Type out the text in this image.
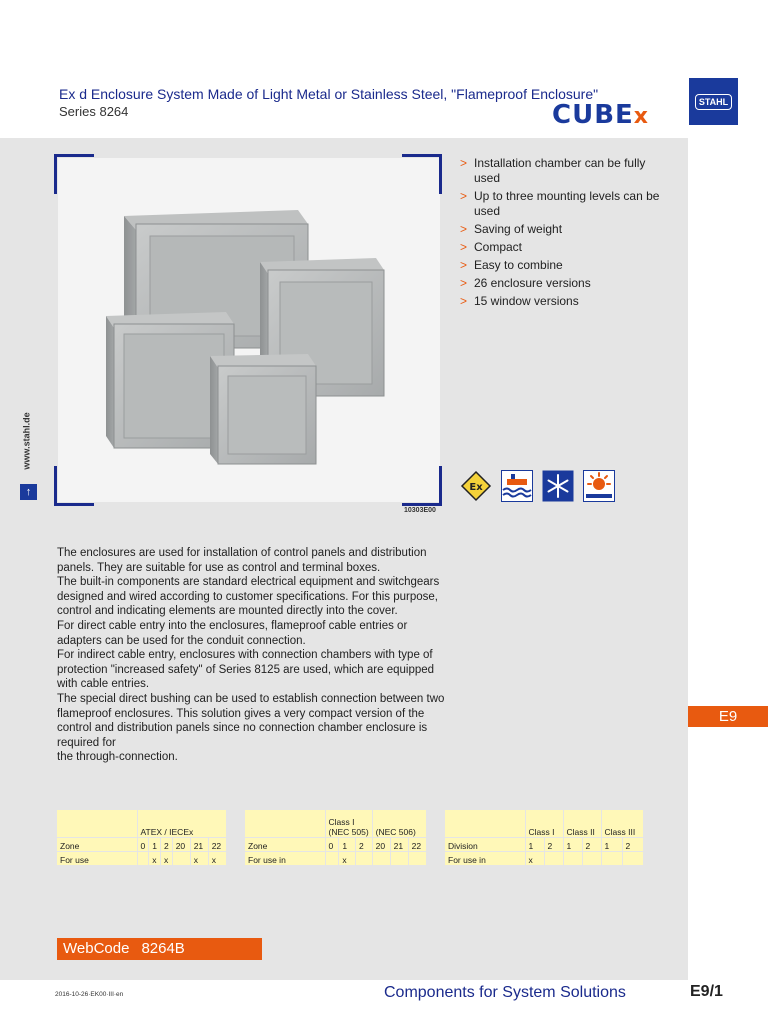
Ex d Enclosure System Made of Light Metal or Stainless Steel, "Flameproof Enclosure"
Series 8264	CUBEx
STAHL
www.stahl.de
↑
10303E00
> Installation chamber can be fully used
> Up to three mounting levels can be used
> Saving of weight
> Compact
> Easy to combine
> 26 enclosure versions
> 15 window versions
Ex

The enclosures are used for installation of control panels and distribution panels. They are suitable for use as control and terminal boxes.

The built-in components are standard electrical equipment and switchgears designed and wired according to customer specifications. For this purpose, control and indicating elements are mounted directly into the cover.

For direct cable entry into the enclosures, flameproof cable entries or adapters can be used for the conduit connection.

For indirect cable entry, enclosures with connection chambers with type of protection "increased safety" of Series 8125 are used, which are equipped with cable entries.

The special direct bushing can be used to establish connection between two flameproof enclosures. This solution gives a very compact version of the control and distribution panels since no connection chamber enclosure is required for

the through-connection.

	ATEX / IECEx					
Zone	0	1	2	20	21	22
For use		x	x		x	x
	Class I
(NEC 505)			(NEC 506)		
Zone	0	1	2	20	21	22
For use in		x				
	Class I		Class II		Class III	
Division	1	2	1	2	1	2
For use in	x					
WebCode 8264B
E9
2016-10-26·EK00·III·en	Components for System Solutions	E9/1
